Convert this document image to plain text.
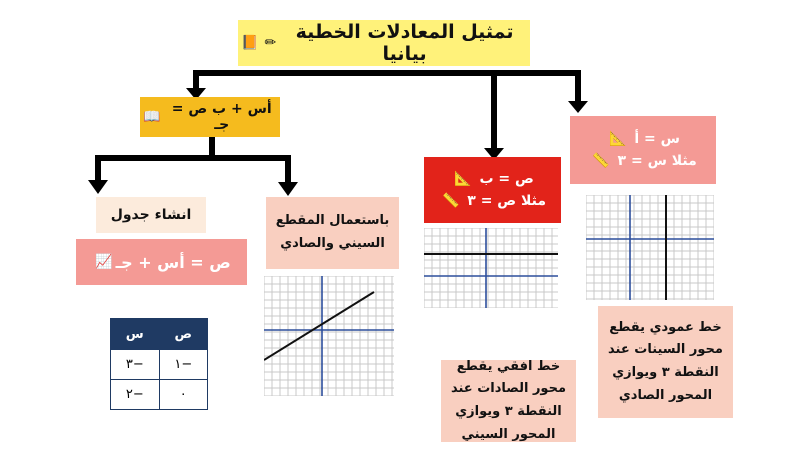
تمثيل المعادلات الخطية بيانيا
✏
📙
أس + ب ص = جـ
📖
ص = ب 📐
مثلا ص = ٣ 📏
س = أ 📐
مثلا س = ٣ 📏
انشاء جدول
ص = أس + جـ
📈
باستعمال المقطع السيني والصادي
خط افقي يقطع محور الصادات عند النقطة ٣ ويوازي المحور السيني
خط عمودي يقطع محور السينات عند النقطة ٣ ويوازي المحور الصادي
س	ص
٣−	١−
٢−	٠
